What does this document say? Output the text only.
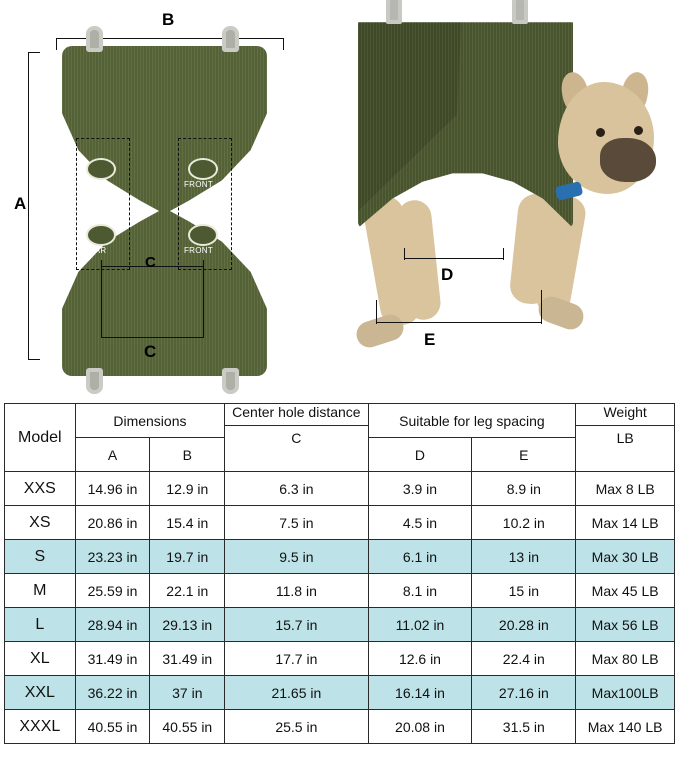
B
A
REAR	FRONT
REAR	FRONT
C
C
D
E
Model	Dimensions	
Center hole distance
C
	Suitable for leg spacing	
Weight
LB

	A	B		D	E	
XXS	14.96 in	12.9 in	6.3 in	3.9 in	8.9 in	Max 8 LB
XS	20.86 in	15.4 in	7.5 in	4.5 in	10.2 in	Max 14 LB
S	23.23 in	19.7 in	9.5 in	6.1 in	13 in	Max 30 LB
M	25.59 in	22.1 in	11.8 in	8.1 in	15 in	Max 45 LB
L	28.94 in	29.13 in	15.7 in	11.02 in	20.28 in	Max 56 LB
XL	31.49 in	31.49 in	17.7 in	12.6 in	22.4 in	Max 80 LB
XXL	36.22 in	37 in	21.65 in	16.14 in	27.16 in	Max100LB
XXXL	40.55 in	40.55 in	25.5 in	20.08 in	31.5 in	Max 140 LB
